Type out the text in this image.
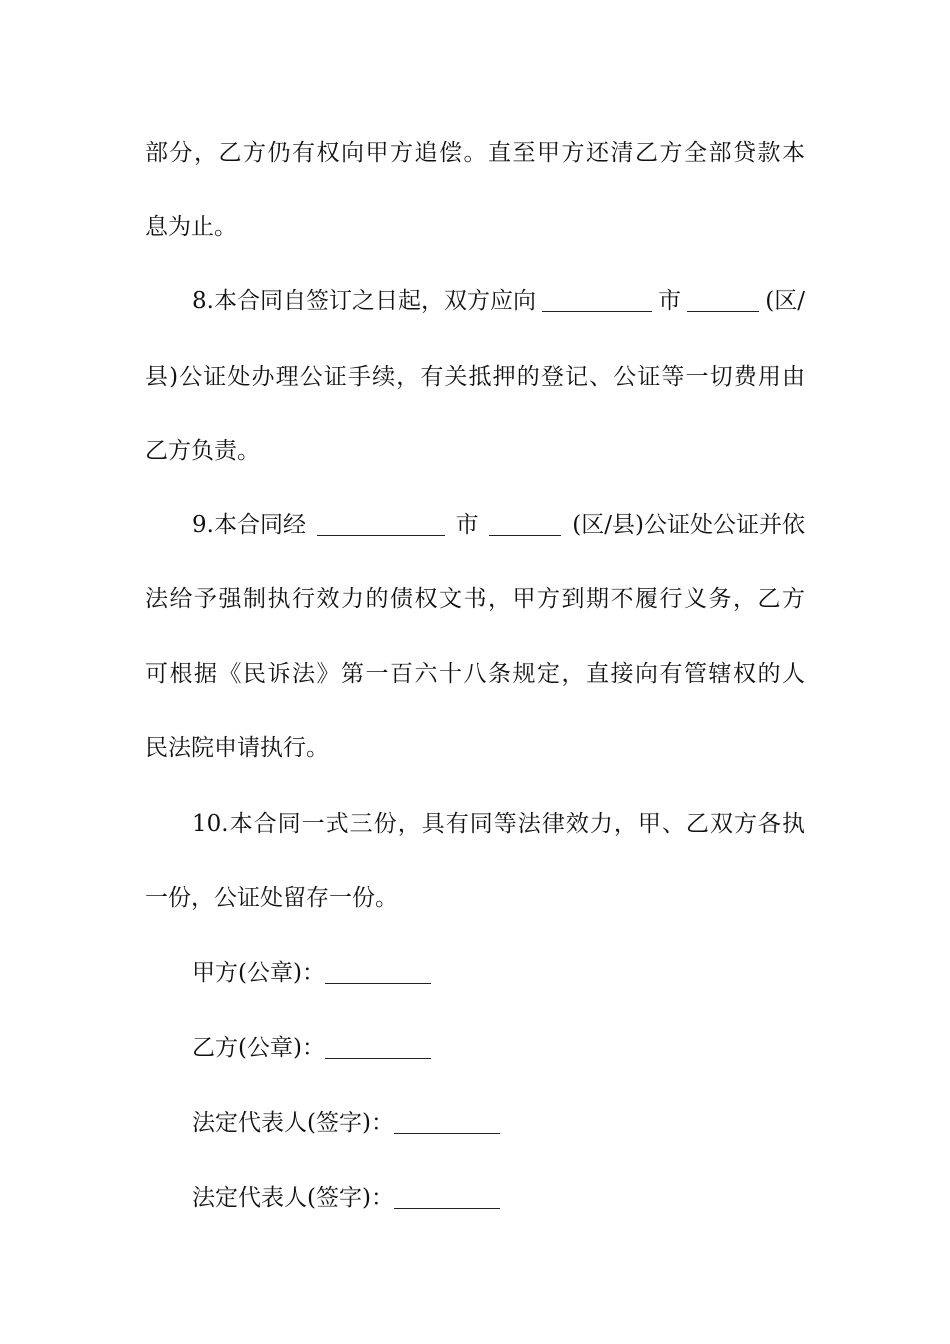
部分，乙方仍有权向甲方追偿。直至甲方还清乙方全部贷款本
息为止。
8.本合同自签订之日起，双方应向	市	(区/
县)公证处办理公证手续，有关抵押的登记、公证等一切费用由
乙方负责。
9.本合同经	市	(区/县)公证处公证并依
法给予强制执行效力的债权文书，甲方到期不履行义务，乙方
可根据《民诉法》第一百六十八条规定，直接向有管辖权的人
民法院申请执行。
10.本合同一式三份，具有同等法律效力，甲、乙双方各执
一份，公证处留存一份。
甲方(公章)：
乙方(公章)：
法定代表人(签字)：
法定代表人(签字)：
